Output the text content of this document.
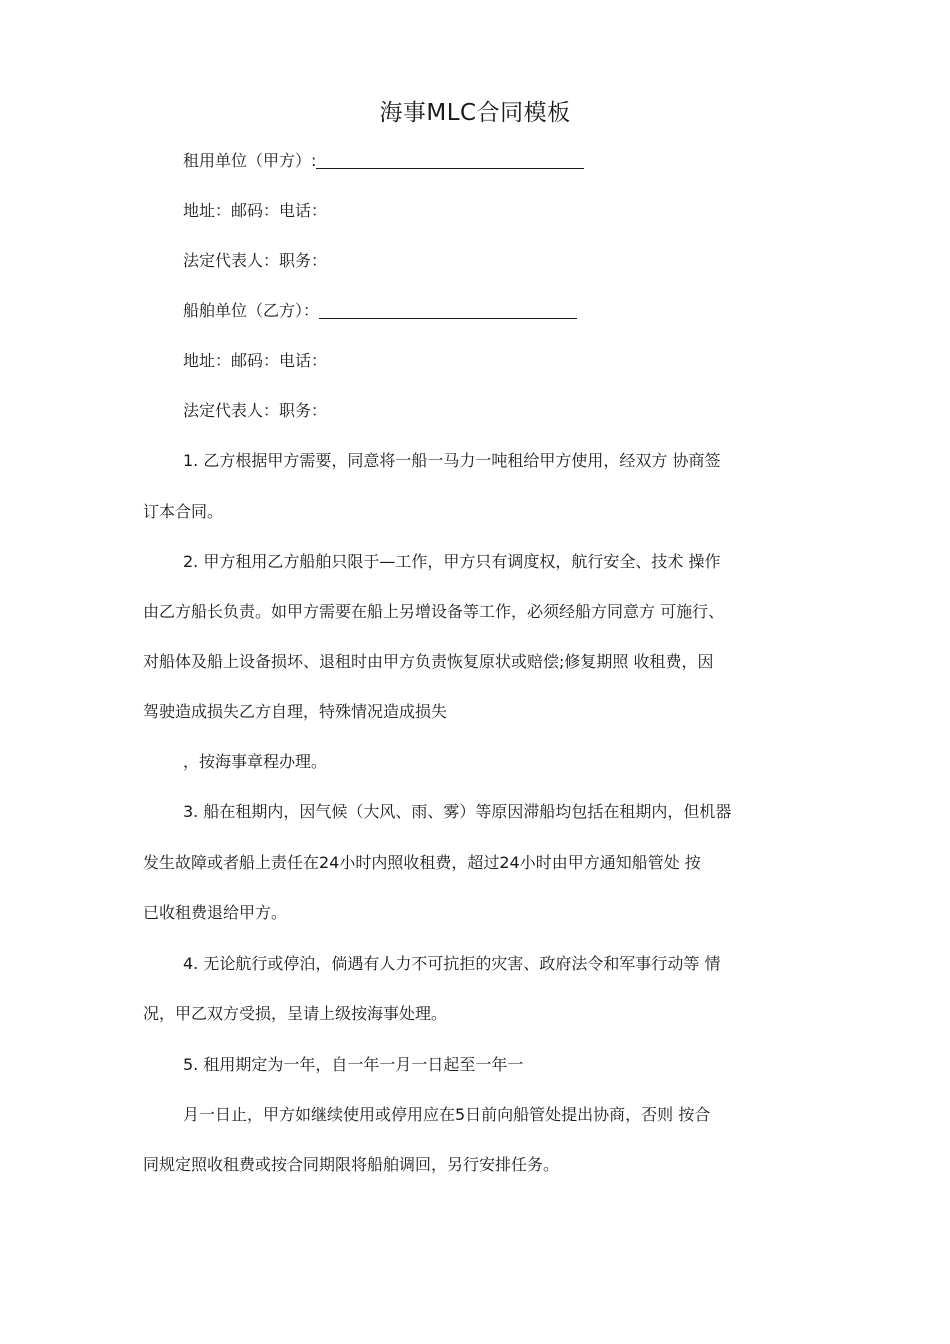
海事MLC合同模板
租用单位（甲方）:
地址：邮码：电话：
法定代表人：职务：
船舶单位（乙方）：
地址：邮码：电话：
法定代表人：职务：
1. 乙方根据甲方需要，同意将一船一马力一吨租给甲方使用，经双方 协商签
订本合同。
2. 甲方租用乙方船舶只限于—工作，甲方只有调度权，航行安全、技术 操作
由乙方船长负责。如甲方需要在船上另增设备等工作，必须经船方同意方 可施行、
对船体及船上设备损坏、退租时由甲方负责恢复原状或赔偿;修复期照 收租费，因
驾驶造成损失乙方自理，特殊情况造成损失
，按海事章程办理。
3. 船在租期内，因气候（大风、雨、雾）等原因滞船均包括在租期内，但机器
发生故障或者船上责任在24小时内照收租费，超过24小时由甲方通知船管处 按
已收租费退给甲方。
4. 无论航行或停泊，倘遇有人力不可抗拒的灾害、政府法令和军事行动等 情
况，甲乙双方受损，呈请上级按海事处理。
5. 租用期定为一年，自一年一月一日起至一年一
月一日止，甲方如继续使用或停用应在5日前向船管处提出协商，否则 按合
同规定照收租费或按合同期限将船舶调回，另行安排任务。
